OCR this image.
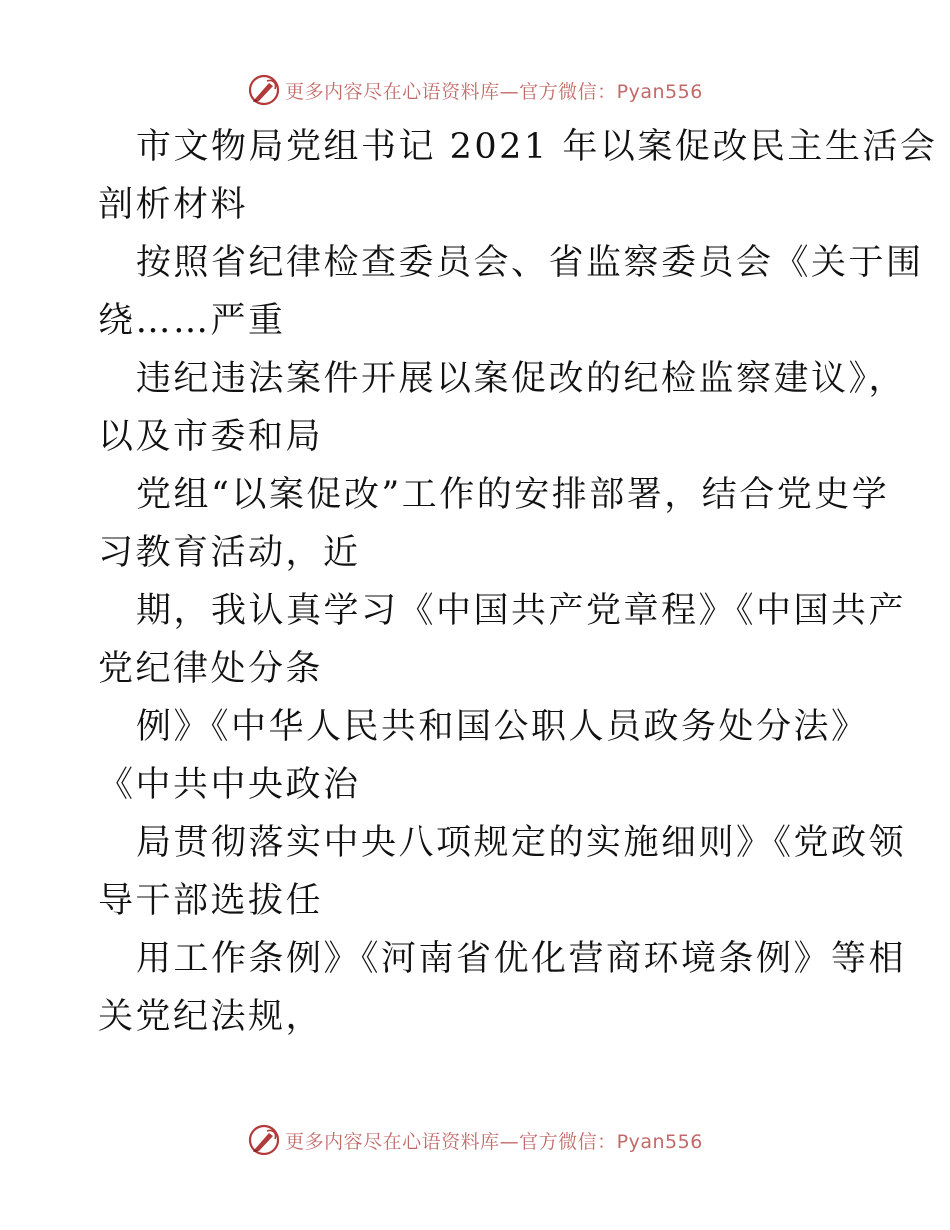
更多内容尽在心语资料库—官方微信：Pyan556
市文物局党组书记 2021 年以案促改民主生活会
剖析材料
按照省纪律检查委员会、省监察委员会《关于围
绕……严重
违纪违法案件开展以案促改的纪检监察建议》，
以及市委和局
党组“以案促改”工作的安排部署，结合党史学
习教育活动，近
期，我认真学习《中国共产党章程》《中国共产
党纪律处分条
例》《中华人民共和国公职人员政务处分法》
《中共中央政治
局贯彻落实中央八项规定的实施细则》《党政领
导干部选拔任
用工作条例》《河南省优化营商环境条例》等相
关党纪法规，
更多内容尽在心语资料库—官方微信：Pyan556
